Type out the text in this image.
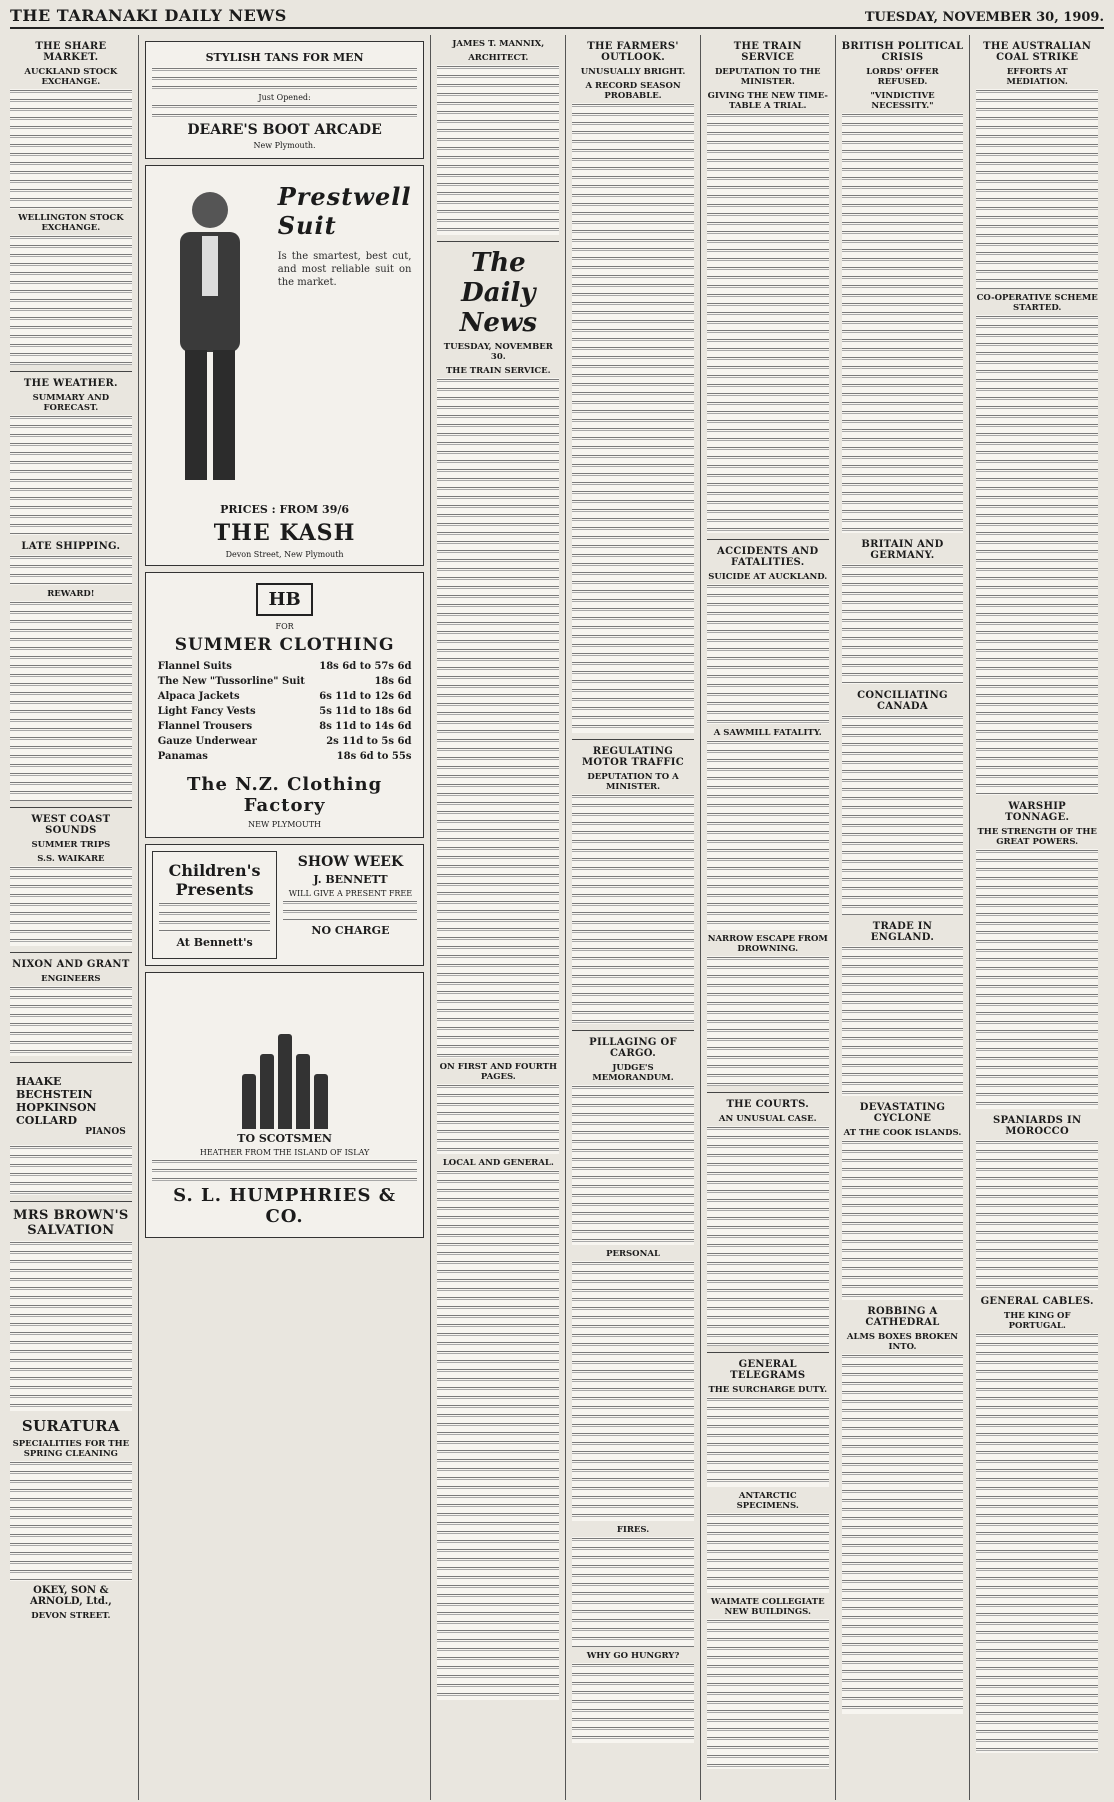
THE TARANAKI DAILY NEWS	TUESDAY, NOVEMBER 30, 1909.
THE SHARE MARKET.
AUCKLAND STOCK EXCHANGE.
WELLINGTON STOCK EXCHANGE.
THE WEATHER.
SUMMARY AND FORECAST.
LATE SHIPPING.
REWARD!
WEST COAST SOUNDS
SUMMER TRIPS
S.S. WAIKARE
NIXON AND GRANT
ENGINEERS
HAAKE
BECHSTEIN
HOPKINSON
COLLARD
PIANOS
MRS BROWN'S SALVATION
SURATURA
SPECIALITIES FOR THE SPRING CLEANING
OKEY, SON & ARNOLD, Ltd.,
DEVON STREET.
STYLISH TANS FOR MEN
Just Opened:
DEARE'S BOOT ARCADE
New Plymouth.
Prestwell Suit
Is the smartest, best cut, and most reliable suit on the market.
PRICES : FROM 39/6
THE KASH
Devon Street, New Plymouth
HB
FOR
SUMMER CLOTHING
Flannel Suits	18s 6d to 57s 6d
The New "Tussorline" Suit	18s 6d
Alpaca Jackets	6s 11d to 12s 6d
Light Fancy Vests	5s 11d to 18s 6d
Flannel Trousers	8s 11d to 14s 6d
Gauze Underwear	2s 11d to 5s 6d
Panamas	18s 6d to 55s
The N.Z. Clothing Factory
NEW PLYMOUTH
Children's Presents
At Bennett's
SHOW WEEK
J. BENNETT
WILL GIVE A PRESENT FREE
NO CHARGE
TO SCOTSMEN
HEATHER FROM THE ISLAND OF ISLAY
S. L. HUMPHRIES & CO.
JAMES T. MANNIX,
ARCHITECT.
The Daily News
TUESDAY, NOVEMBER 30.
THE TRAIN SERVICE.
ON FIRST AND FOURTH PAGES.
LOCAL AND GENERAL.
THE FARMERS' OUTLOOK.
UNUSUALLY BRIGHT.
A RECORD SEASON PROBABLE.
REGULATING MOTOR TRAFFIC
DEPUTATION TO A MINISTER.
PILLAGING OF CARGO.
JUDGE'S MEMORANDUM.
PERSONAL
FIRES.
WHY GO HUNGRY?
THE TRAIN SERVICE
DEPUTATION TO THE MINISTER.
GIVING THE NEW TIME-TABLE A TRIAL.
ACCIDENTS AND FATALITIES.
SUICIDE AT AUCKLAND.
A SAWMILL FATALITY.
NARROW ESCAPE FROM DROWNING.
THE COURTS.
AN UNUSUAL CASE.
GENERAL TELEGRAMS
THE SURCHARGE DUTY.
ANTARCTIC SPECIMENS.
WAIMATE COLLEGIATE NEW BUILDINGS.
BRITISH POLITICAL CRISIS
LORDS' OFFER REFUSED.
"VINDICTIVE NECESSITY."
BRITAIN AND GERMANY.
CONCILIATING CANADA
TRADE IN ENGLAND.
DEVASTATING CYCLONE
AT THE COOK ISLANDS.
ROBBING A CATHEDRAL
ALMS BOXES BROKEN INTO.
THE AUSTRALIAN COAL STRIKE
EFFORTS AT MEDIATION.
CO-OPERATIVE SCHEME STARTED.
WARSHIP TONNAGE.
THE STRENGTH OF THE GREAT POWERS.
SPANIARDS IN MOROCCO
GENERAL CABLES.
THE KING OF PORTUGAL.
